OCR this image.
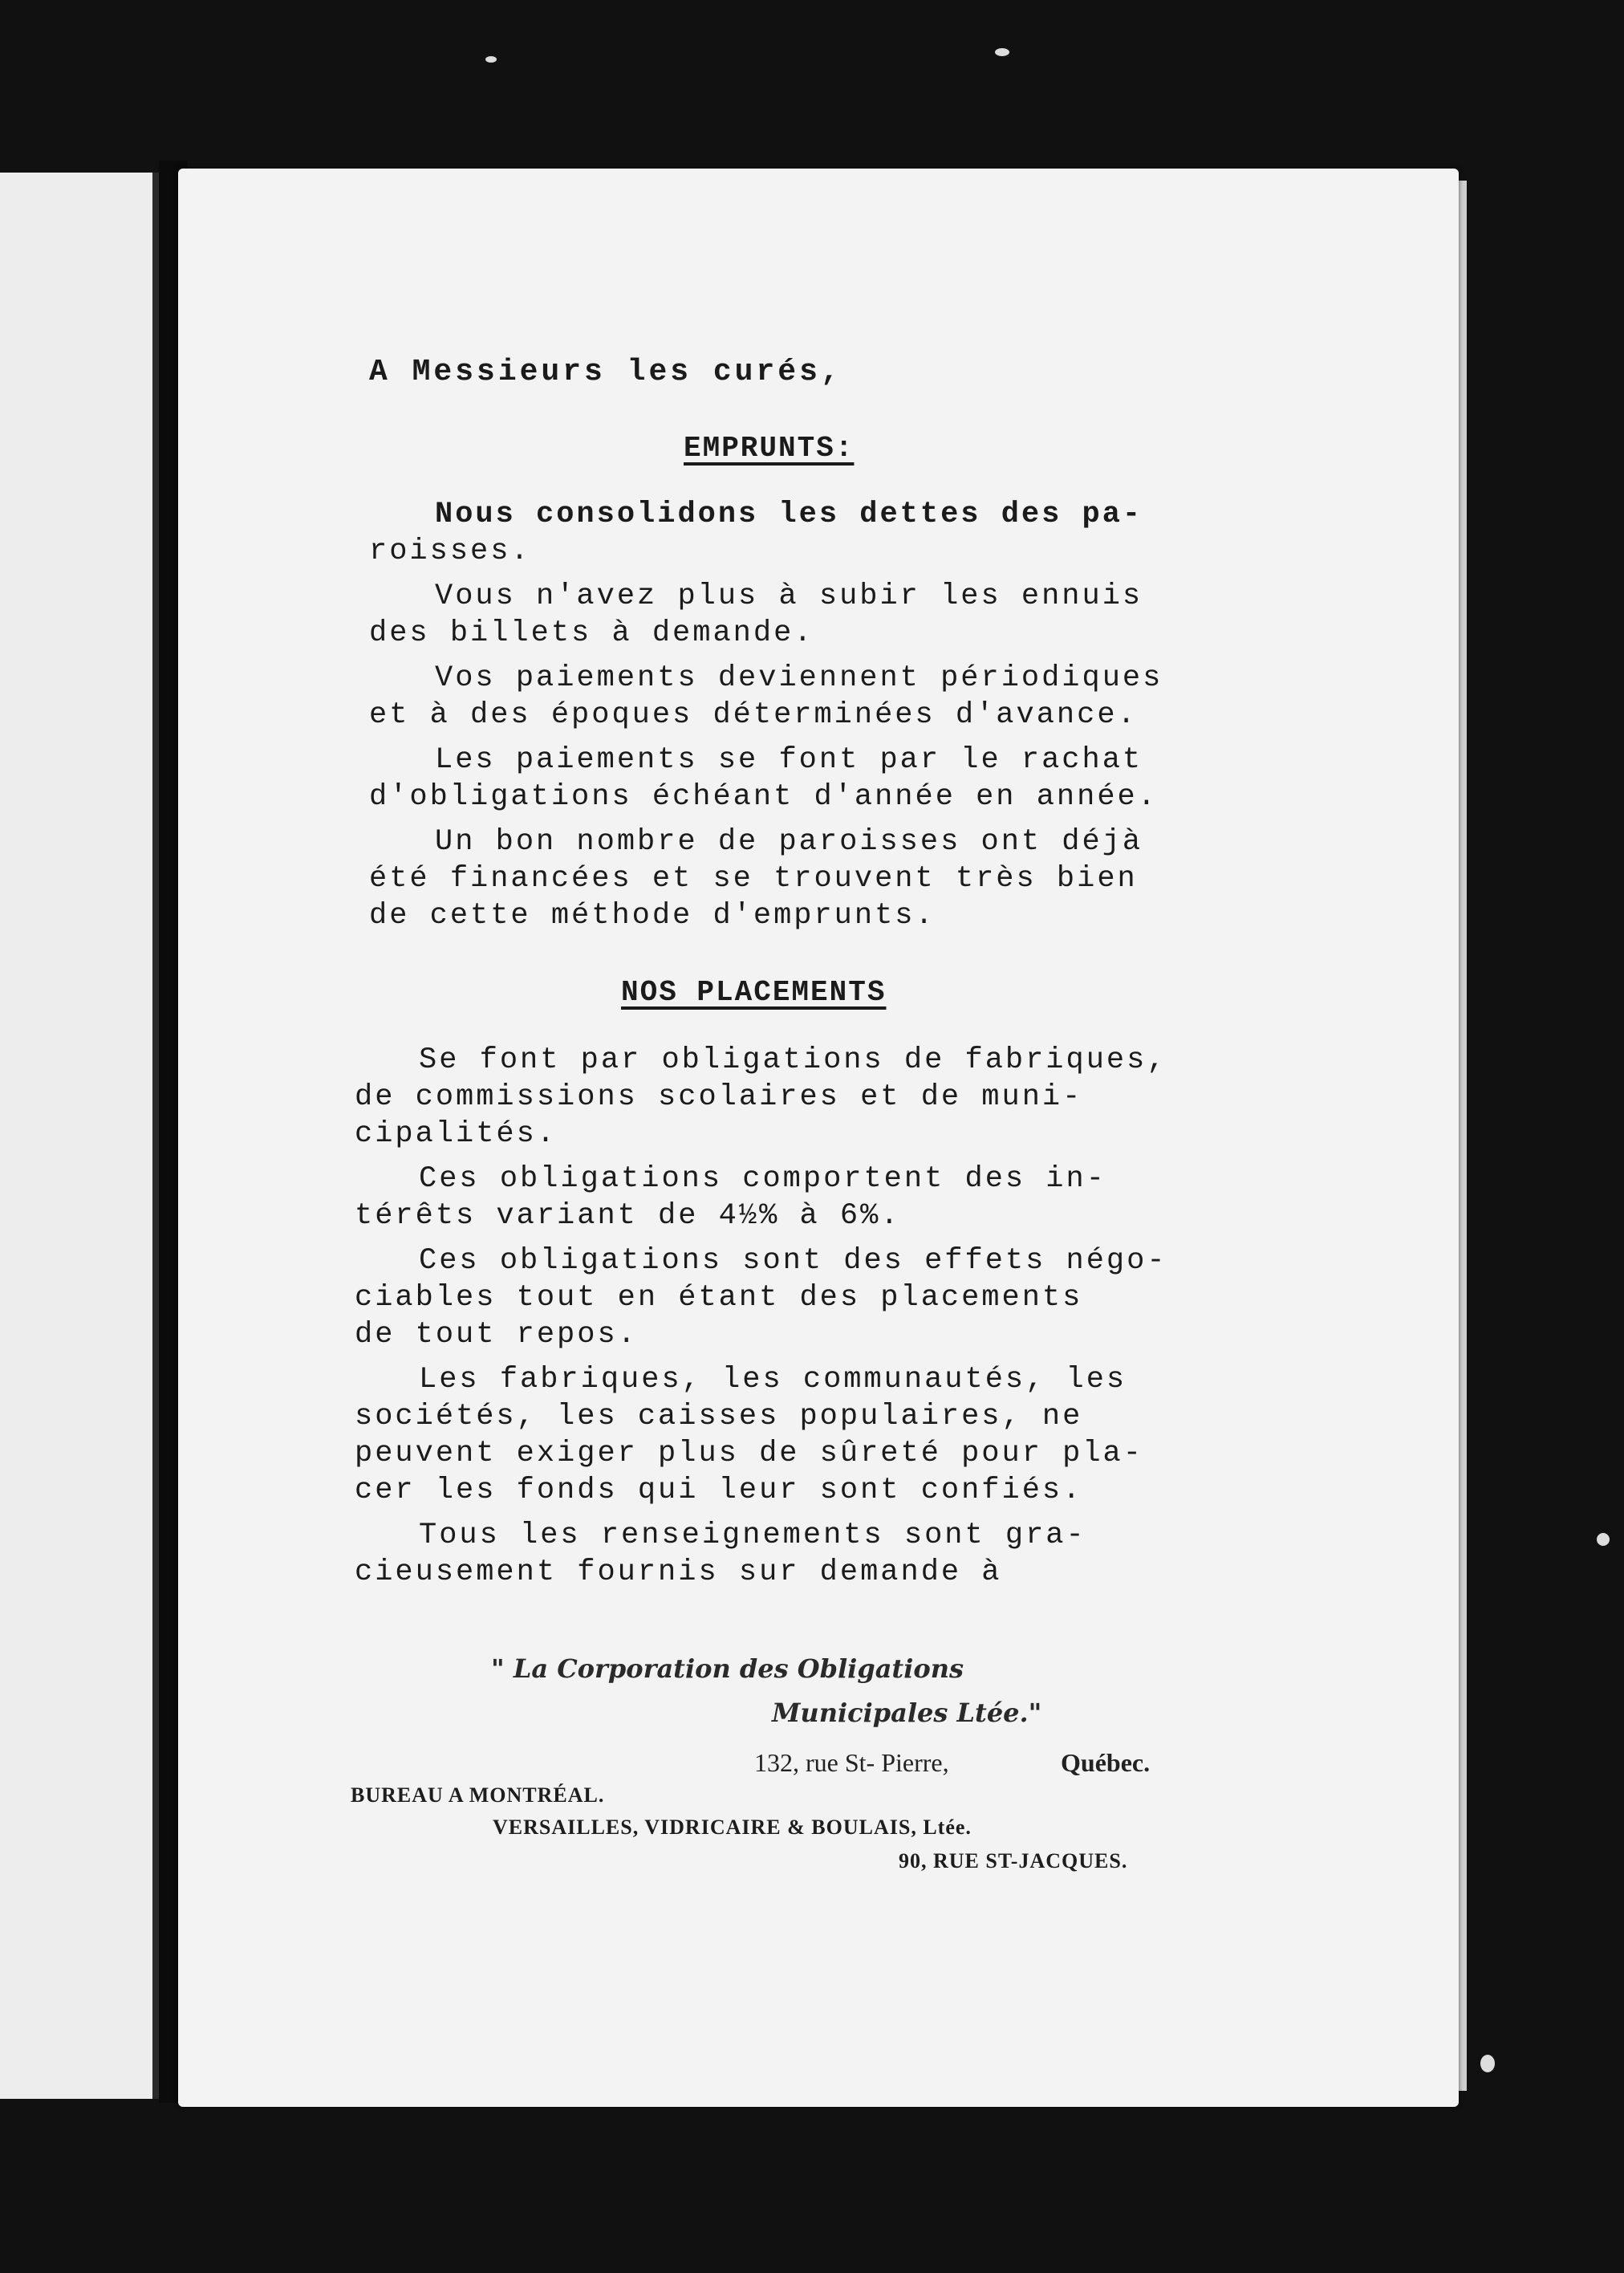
A Messieurs les curés,
EMPRUNTS:
Nous consolidons les dettes des pa-
roisses.
Vous n'avez plus à subir les ennuis
des billets à demande.
Vos paiements deviennent périodiques
et à des époques déterminées d'avance.
Les paiements se font par le rachat
d'obligations échéant d'année en année.
Un bon nombre de paroisses ont déjà
été financées et se trouvent très bien
de cette méthode d'emprunts.
NOS PLACEMENTS
Se font par obligations de fabriques,
de commissions scolaires et de muni-
cipalités.
Ces obligations comportent des in-
térêts variant de 4½% à 6%.
Ces obligations sont des effets négo-
ciables tout en étant des placements
de tout repos.
Les fabriques, les communautés, les
sociétés, les caisses populaires, ne
peuvent exiger plus de sûreté pour pla-
cer les fonds qui leur sont confiés.
Tous les renseignements sont gra-
cieusement fournis sur demande à
" La Corporation des Obligations
Municipales Ltée."
132, rue St- Pierre,	Québec.
BUREAU A MONTRÉAL.
VERSAILLES, VIDRICAIRE & BOULAIS, Ltée.
90, RUE ST-JACQUES.
